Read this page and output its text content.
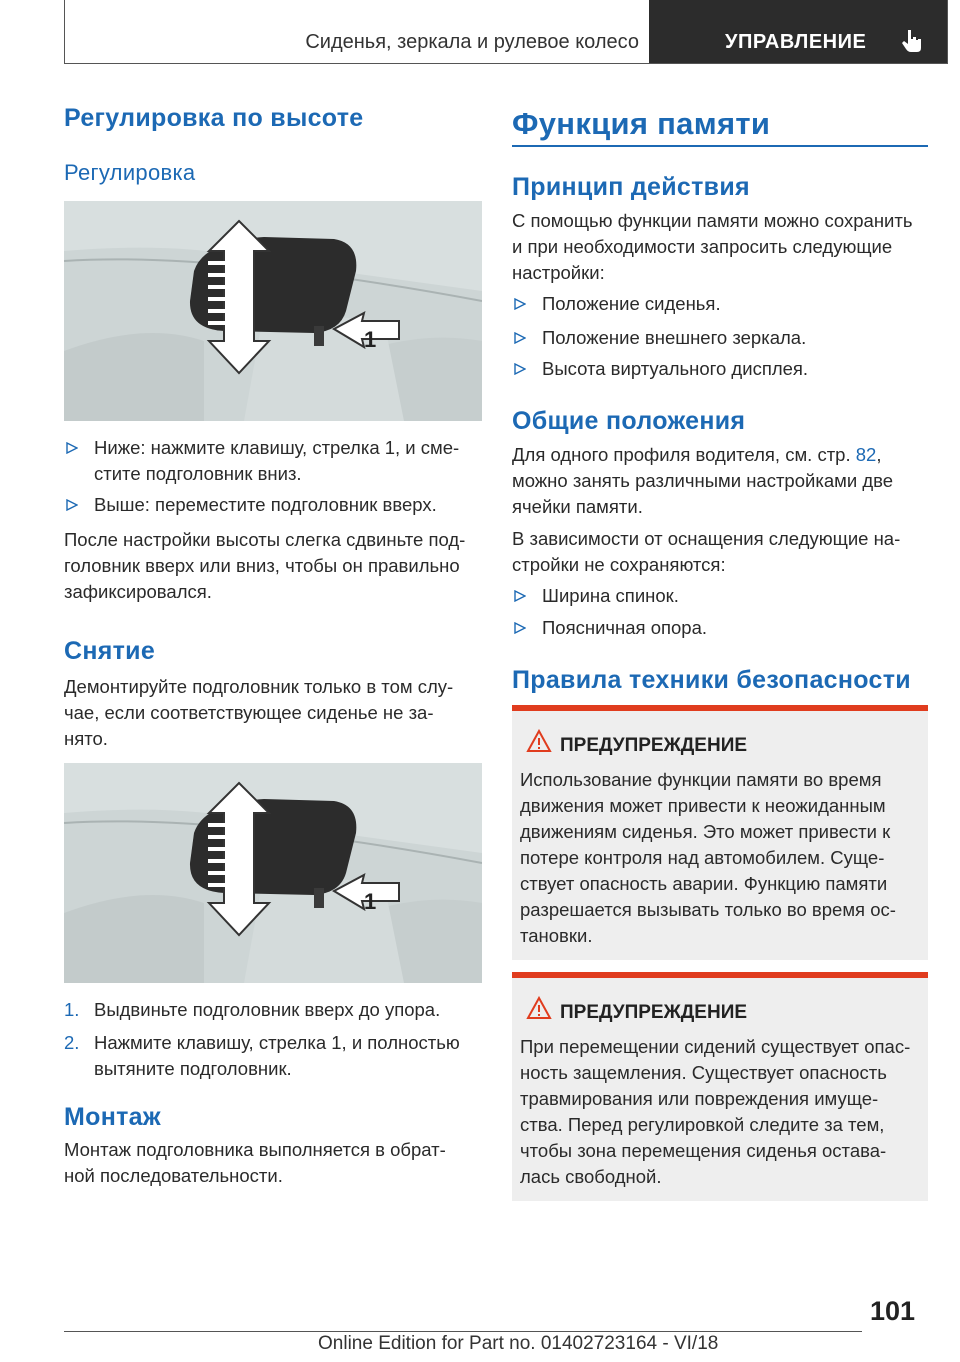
Сиденья, зеркала и рулевое колесо	УПРАВЛЕНИЕ
Регулировка по высоте
Регулировка
1
Ниже: нажмите клавишу, стрелка 1, и сме-
стите подголовник вниз.
Выше: переместите подголовник вверх.

После настройки высоты слегка сдвиньте под-
головник вверх или вниз, чтобы он правильно
зафиксировался.

Снятие

Демонтируйте подголовник только в том слу-
чае, если соответствующее сиденье не за-
нято.

1
1. Выдвиньте подголовник вверх до упора.
2. Нажмите клавишу, стрелка 1, и полностью
вытяните подголовник.
Монтаж

Монтаж подголовника выполняется в обрат-
ной последовательности.

Функция памяти
Принцип действия

С помощью функции памяти можно сохранить
и при необходимости запросить следующие
настройки:

Положение сиденья.
Положение внешнего зеркала.
Высота виртуального дисплея.
Общие положения

Для одного профиля водителя, см. стр. 82,
можно занять различными настройками две
ячейки памяти.

В зависимости от оснащения следующие на-
стройки не сохраняются:

Ширина спинок.
Поясничная опора.
Правила техники безопасности
ПРЕДУПРЕЖДЕНИЕ
Использование функции памяти во время
движения может привести к неожиданным
движениям сиденья. Это может привести к
потере контроля над автомобилем. Суще-
ствует опасность аварии. Функцию памяти
разрешается вызывать только во время ос-
тановки.
ПРЕДУПРЕЖДЕНИЕ
При перемещении сидений существует опас-
ность защемления. Существует опасность
травмирования или повреждения имуще-
ства. Перед регулировкой следите за тем,
чтобы зона перемещения сиденья остава-
лась свободной.
101
Online Edition for Part no. 01402723164 - VI/18
